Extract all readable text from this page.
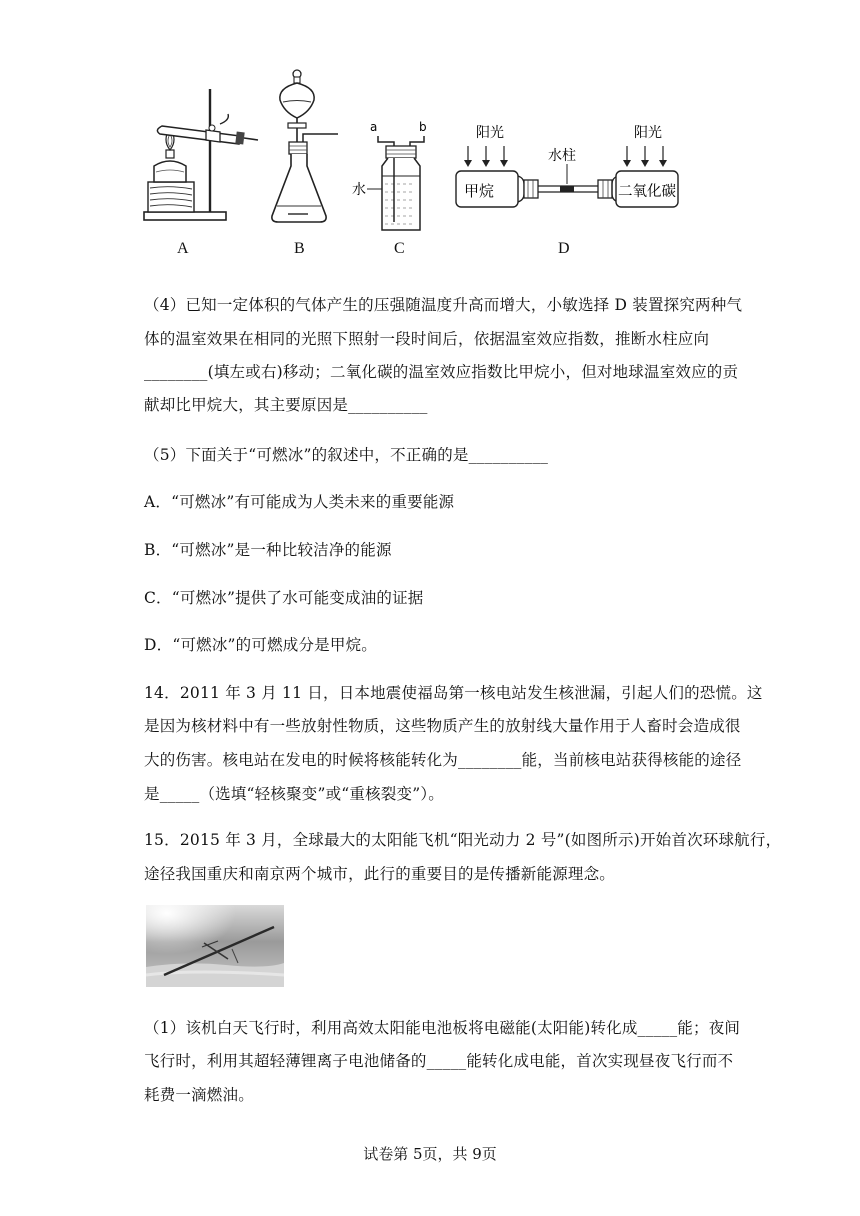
A	B
a	b
水
C
阳光	阳光
水柱
甲烷	二氧化碳
D
（4）已知一定体积的气体产生的压强随温度升高而增大，小敏选择 D 装置探究两种气
体的温室效果在相同的光照下照射一段时间后，依据温室效应指数，推断水柱应向
________(填左或右)移动；二氧化碳的温室效应指数比甲烷小，但对地球温室效应的贡
献却比甲烷大，其主要原因是__________
（5）下面关于“可燃冰”的叙述中，不正确的是__________
A．“可燃冰”有可能成为人类未来的重要能源
B．“可燃冰”是一种比较洁净的能源
C．“可燃冰”提供了水可能变成油的证据
D．“可燃冰”的可燃成分是甲烷。
14．2011 年 3 月 11 日，日本地震使福岛第一核电站发生核泄漏，引起人们的恐慌。这
是因为核材料中有一些放射性物质，这些物质产生的放射线大量作用于人畜时会造成很
大的伤害。核电站在发电的时候将核能转化为________能，当前核电站获得核能的途径
是_____（选填“轻核聚变”或“重核裂变”）。
15．2015 年 3 月，全球最大的太阳能飞机“阳光动力 2 号”(如图所示)开始首次环球航行，
途径我国重庆和南京两个城市，此行的重要目的是传播新能源理念。
（1）该机白天飞行时，利用高效太阳能电池板将电磁能(太阳能)转化成_____能；夜间
飞行时，利用其超轻薄锂离子电池储备的_____能转化成电能，首次实现昼夜飞行而不
耗费一滴燃油。
试卷第 5页，共 9页
